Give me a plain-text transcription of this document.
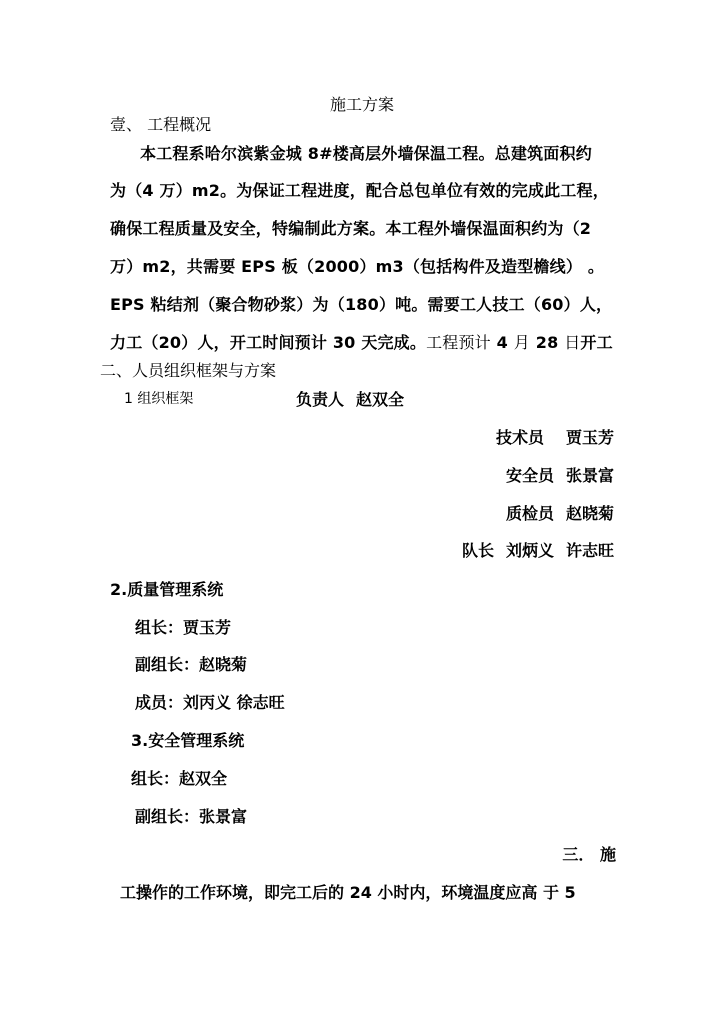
施工方案
壹、 工程概况
本工程系哈尔滨紫金城 8#楼高层外墙保温工程。总建筑面积约
为（4 万）m2。为保证工程进度，配合总包单位有效的完成此工程，
确保工程质量及安全，特编制此方案。本工程外墙保温面积约为（2
万）m2，共需要 EPS 板（2000）m3（包括构件及造型檐线） 。
EPS 粘结剂（聚合物砂浆）为（180）吨。需要工人技工（60）人，
力工（20）人，开工时间预计 30 天完成。工程预计 4 月 28 日开工
二、人员组织框架与方案
1 组织框架	负责人 赵双全
技术员 贾玉芳
安全员 张景富
质检员 赵晓菊
队长 刘炳义 许志旺
2.质量管理系统
组长：贾玉芳
副组长：赵晓菊
成员：刘丙义 徐志旺
3.安全管理系统
组长：赵双全
副组长：张景富
三． 施
工操作的工作环境，即完工后的 24 小时内，环境温度应高 于 5
